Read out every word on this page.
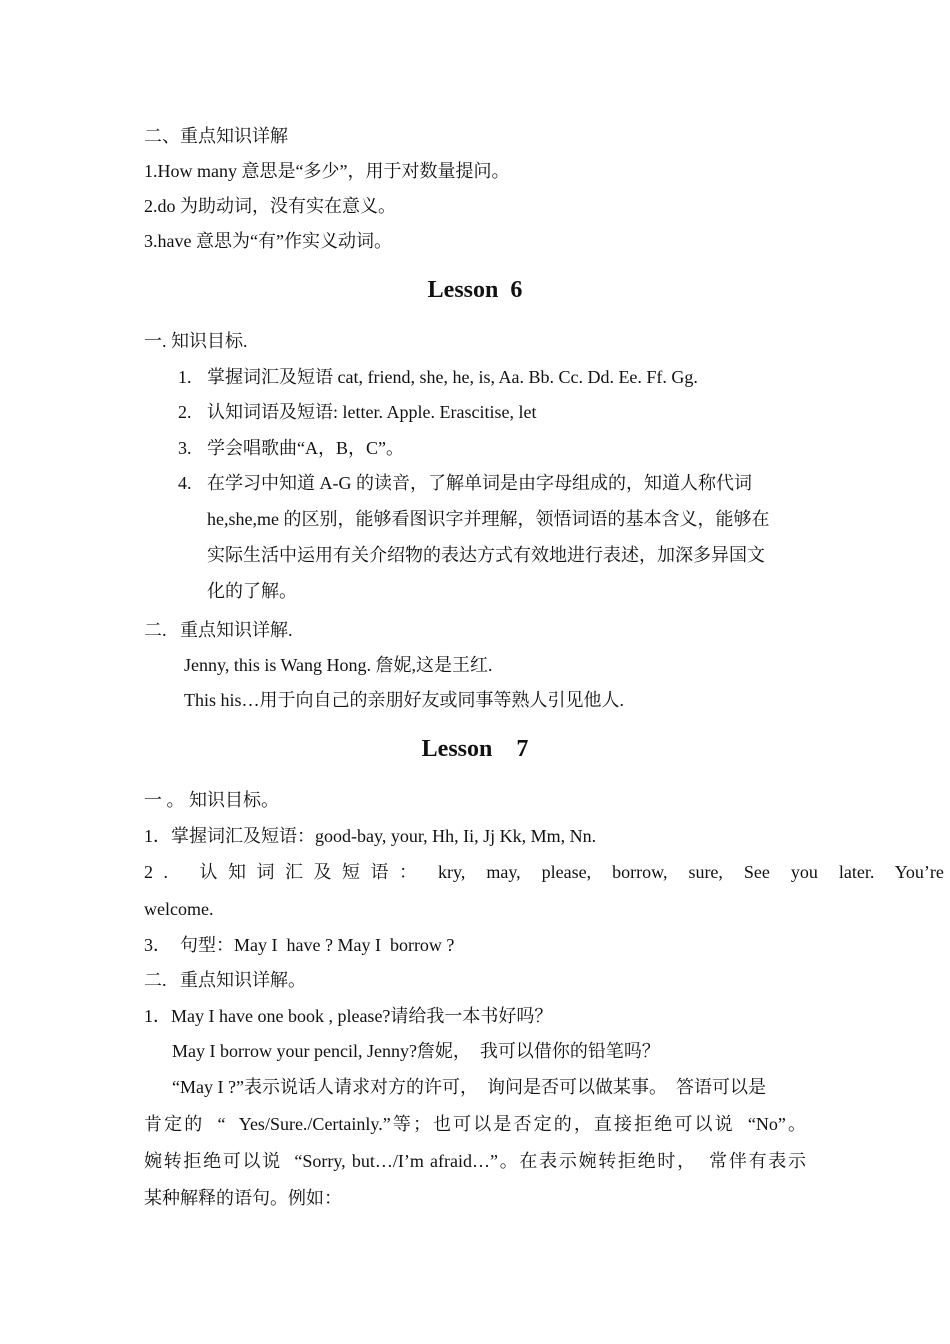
二、重点知识详解
1.How many 意思是“多少”，用于对数量提问。
2.do 为助动词，没有实在意义。
3.have 意思为“有”作实义动词。
Lesson  6
一. 知识目标.
1. 掌握词汇及短语 cat, friend, she, he, is, Aa. Bb. Cc. Dd. Ee. Ff. Gg.
2. 认知词语及短语: letter. Apple. Erascitise, let
3. 学会唱歌曲“A，B，C”。
4. 在学习中知道 A-G 的读音，了解单词是由字母组成的，知道人称代词
he,she,me 的区别，能够看图识字并理解，领悟词语的基本含义，能够在
实际生活中运用有关介绍物的表达方式有效地进行表述，加深多异国文
化的了解。
二.   重点知识详解.
Jenny, this is Wang Hong. 詹妮,这是王红.
This his…用于向自己的亲朋好友或同事等熟人引见他人.
Lesson    7
一 。 知识目标。
1．掌握词汇及短语：good-bay, your, Hh, Ii, Jj Kk, Mm, Nn.
2 .   认 知 词 汇 及 短 语 ：  kry,  may,  please,  borrow,  sure,  See  you  later.  You’re
welcome.
3．  句型：May I  have ? May I  borrow ?
二.   重点知识详解。
1．May I have one book , please?请给我一本书好吗？
May I borrow your pencil, Jenny?詹妮，  我可以借你的铅笔吗？
“May I ?”表示说话人请求对方的许可，  询问是否可以做某事。  答语可以是
肯定的  “  Yes/Sure./Certainly.”等；也可以是否定的，直接拒绝可以说  “No”。
婉转拒绝可以说  “Sorry, but…/I’m afraid…”。在表示婉转拒绝时，  常伴有表示
某种解释的语句。例如：
